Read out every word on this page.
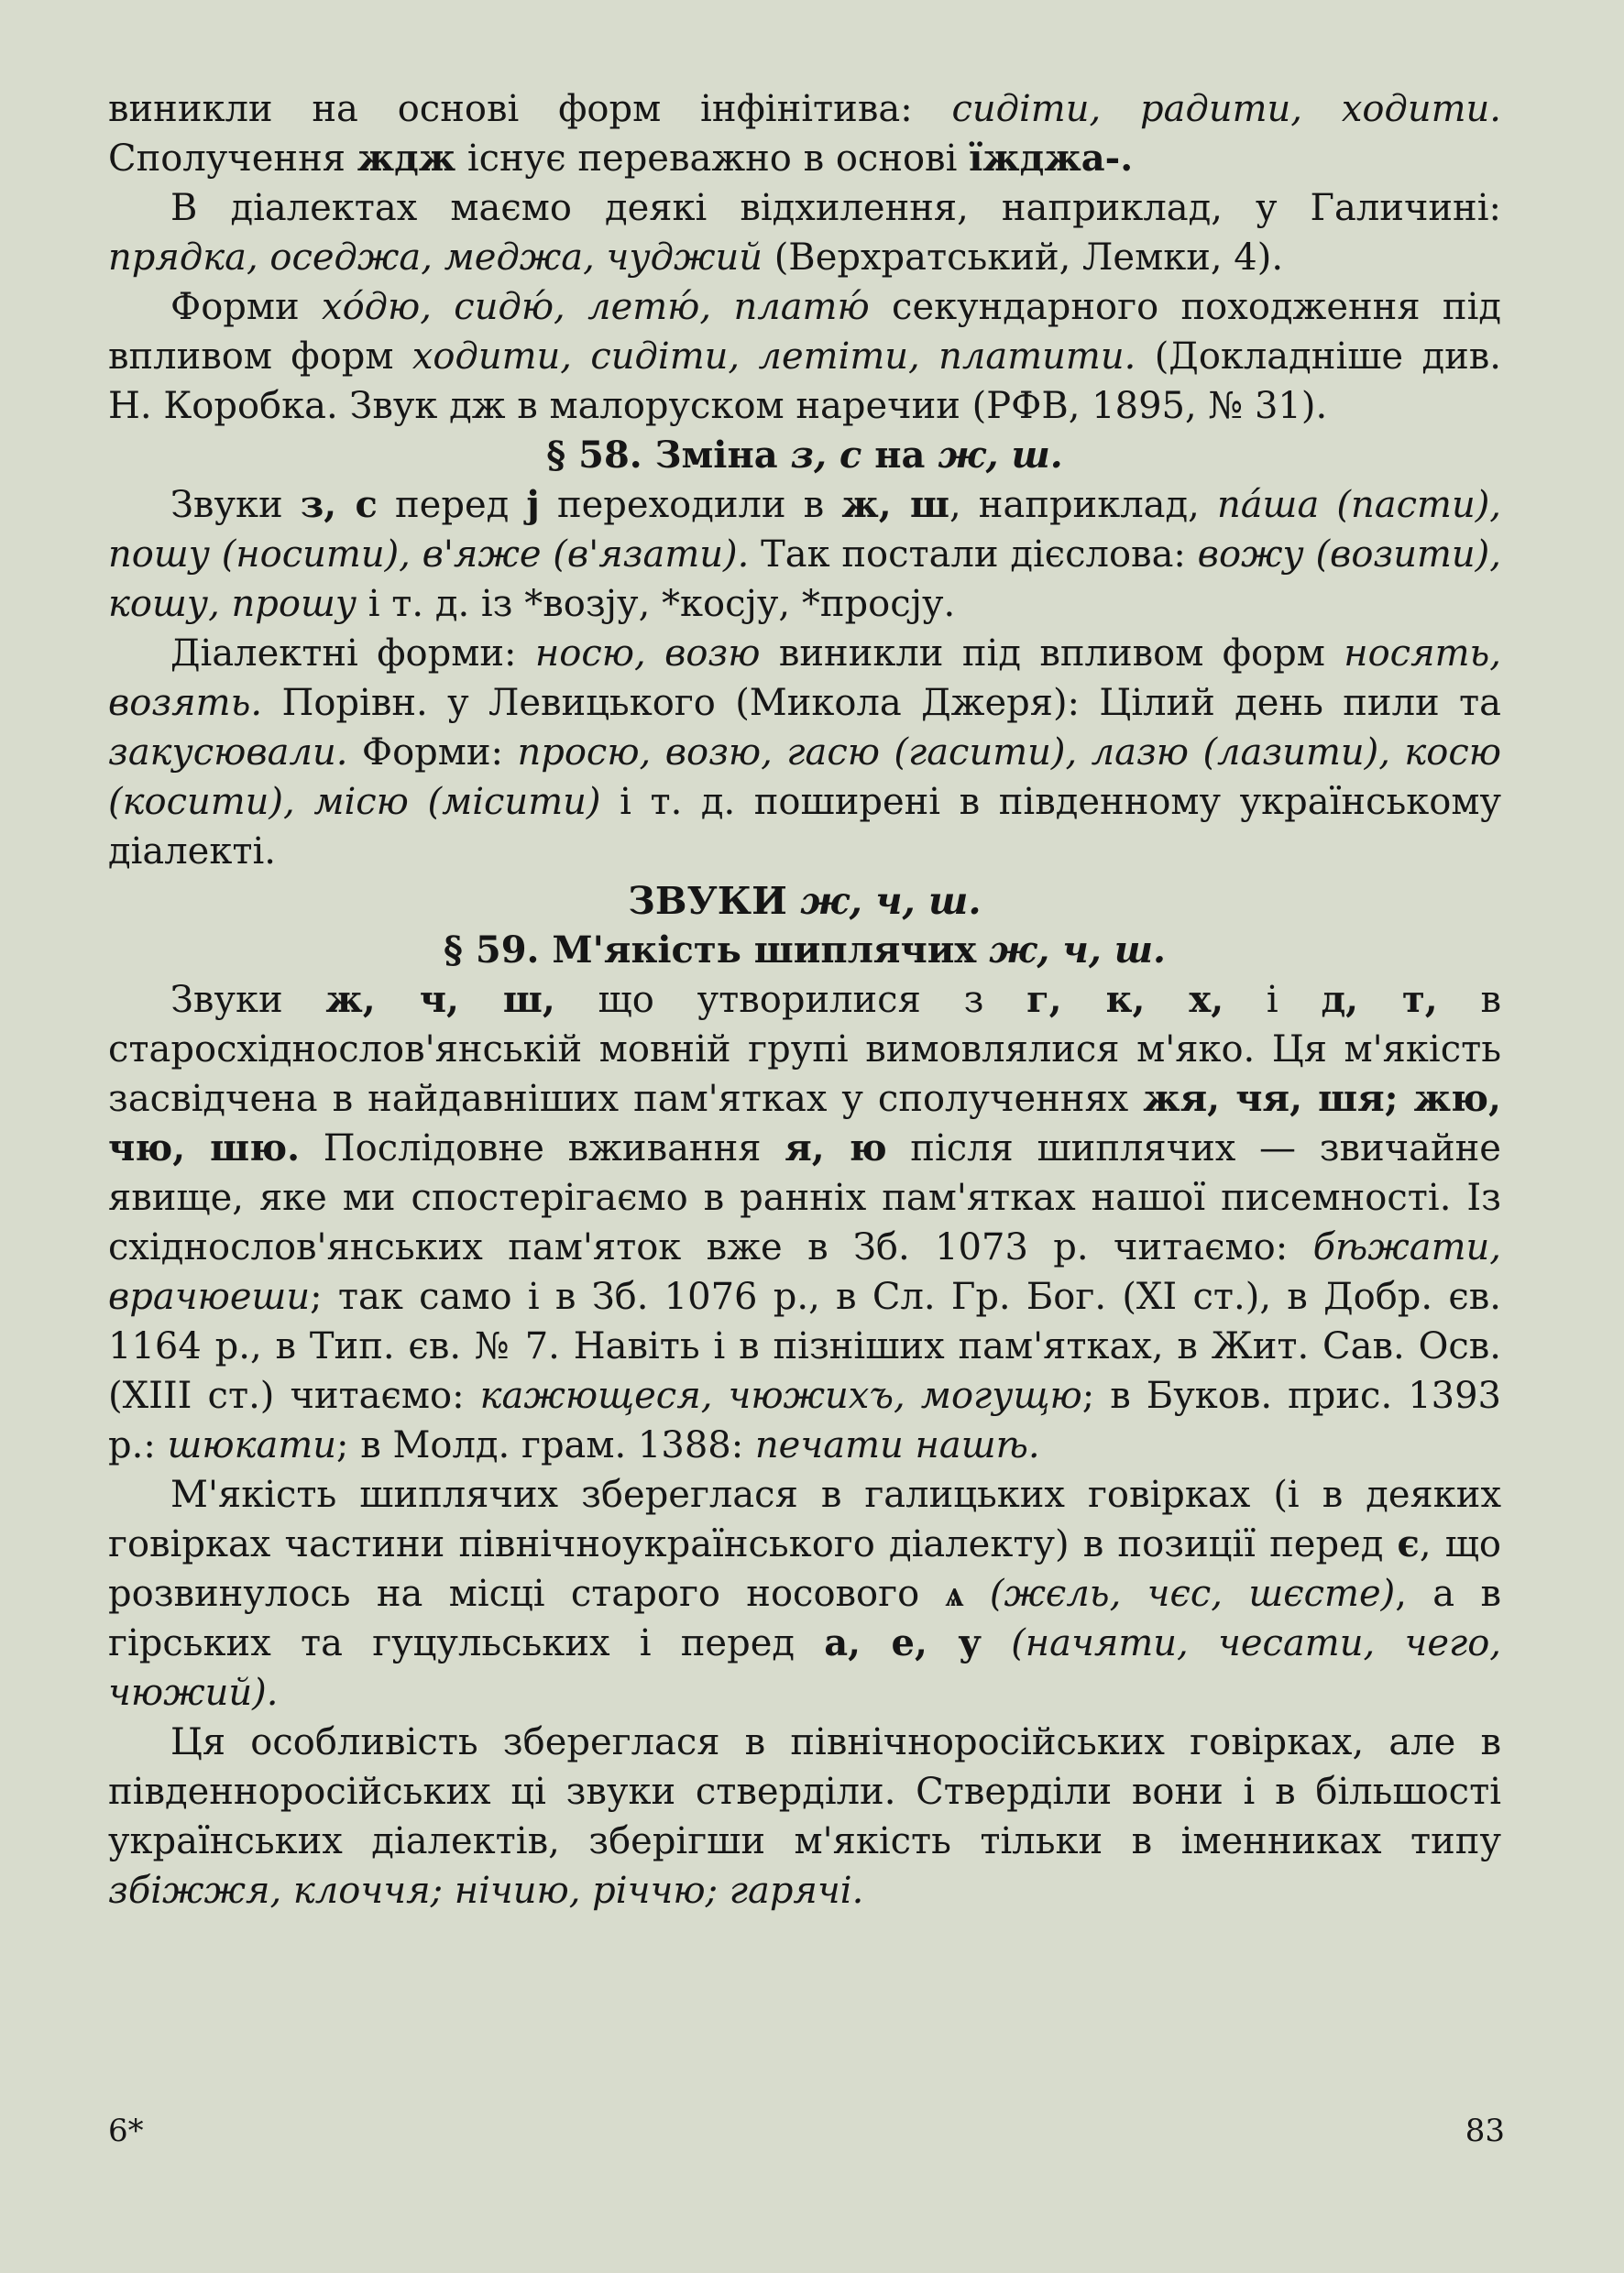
виникли на основі форм інфінітива: сидіти, радити, ходити. Сполучення ждж існує переважно в основі їжджа-.

В діалектах маємо деякі відхилення, наприклад, у Галичині: прядка, оседжа, меджа, чуджий (Верхратський, Лемки, 4).

Форми хóдю, сидю́, летю́, платю́ секундарного походження під впливом форм ходити, сидіти, летіти, платити. (Докладніше див. Н. Коробка. Звук дж в малоруском наречии (РФВ, 1895, № 31).

§ 58. Зміна з, с на ж, ш.

Звуки з, с перед j переходили в ж, ш, наприклад, пáша (пасти), пошу (носити), в'яже (в'язати). Так постали дієслова: вожу (возити), кошу, прошу і т. д. із *возју, *косју, *просју.

Діалектні форми: носю, возю виникли під впливом форм носять, возять. Порівн. у Левицького (Микола Джеря): Цілий день пили та закусювали. Форми: просю, возю, гасю (гасити), лазю (лазити), косю (косити), місю (місити) і т. д. поширені в південному українському діалекті.

ЗВУКИ ж, ч, ш.

§ 59. М'якість шиплячих ж, ч, ш.

Звуки ж, ч, ш, що утворилися з г, к, х, і д, т, в старосхіднослов'янській мовній групі вимовлялися м'яко. Ця м'якість засвідчена в найдавніших пам'ятках у сполученнях жя, чя, шя; жю, чю, шю. Послідовне вживання я, ю після шиплячих — звичайне явище, яке ми спостерігаємо в ранніх пам'ятках нашої писемності. Із східнослов'янських пам'яток вже в Зб. 1073 р. читаємо: бѣжати, врачюеши; так само і в Зб. 1076 р., в Сл. Гр. Бог. (XI ст.), в Добр. єв. 1164 р., в Тип. єв. № 7. Навіть і в пізніших пам'ятках, в Жит. Сав. Осв. (XIII ст.) читаємо: кажющеся, чюжихъ, могущю; в Буков. прис. 1393 р.: шюкати; в Молд. грам. 1388: печати нашѣ.

М'якість шиплячих збереглася в галицьких говірках (і в деяких говірках частини північноукраїнського діалекту) в позиції перед є, що розвинулось на місці старого носового ѧ (жєль, чєс, шєсте), а в гірських та гуцульських і перед а, е, у (начяти, чесати, чего, чюжий).

Ця особливість збереглася в північноросійських говірках, але в південноросійських ці звуки стверділи. Стверділи вони і в більшості українських діалектів, зберігши м'якість тільки в іменниках типу збіжжя, клоччя; нічию, річчю; гарячі.

6*	83
